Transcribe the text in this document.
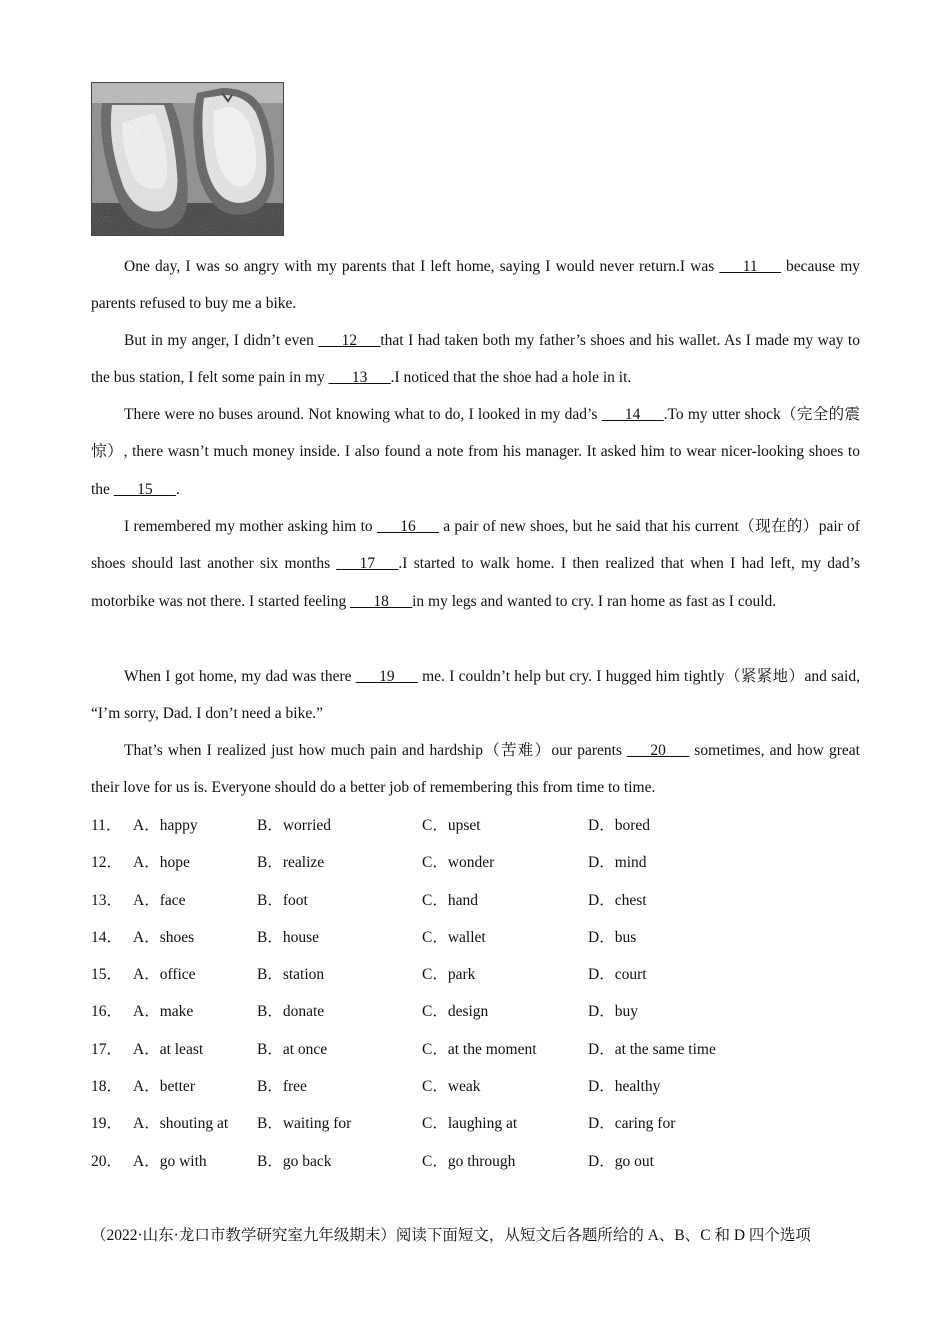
One day, I was so angry with my parents that I left home, saying I would never return.I was ___11___ because my parents refused to buy me a bike.

But in my anger, I didn’t even ___12___that I had taken both my father’s shoes and his wallet. As I made my way to the bus station, I felt some pain in my ___13___.I noticed that the shoe had a hole in it.

There were no buses around. Not knowing what to do, I looked in my dad’s ___14___.To my utter shock（完全的震惊）, there wasn’t much money inside. I also found a note from his manager. It asked him to wear nicer-looking shoes to the ___15___.

I remembered my mother asking him to ___16___ a pair of new shoes, but he said that his current（现在的）pair of shoes should last another six months ___17___.I started to walk home. I then realized that when I had left, my dad’s motorbike was not there. I started feeling ___18___in my legs and wanted to cry. I ran home as fast as I could.

When I got home, my dad was there ___19___ me. I couldn’t help but cry. I hugged him tightly（紧紧地）and said, “I’m sorry, Dad. I don’t need a bike.”

That’s when I realized just how much pain and hardship（苦难）our parents ___20___ sometimes, and how great their love for us is. Everyone should do a better job of remembering this from time to time.

11． A．happy	B．worried	C．upset	D．bored
12． A．hope	B．realize	C．wonder	D．mind
13． A．face	B．foot	C．hand	D．chest
14． A．shoes	B．house	C．wallet	D．bus
15． A．office	B．station	C．park	D．court
16． A．make	B．donate	C．design	D．buy
17． A．at least	B．at once	C．at the moment	D．at the same time
18． A．better	B．free	C．weak	D．healthy
19． A．shouting at B．waiting for	C．laughing at	D．caring for
20． A．go with	B．go back	C．go through	D．go out
（2022·山东·龙口市教学研究室九年级期末）阅读下面短文，从短文后各题所给的 A、B、C 和 D 四个选项
